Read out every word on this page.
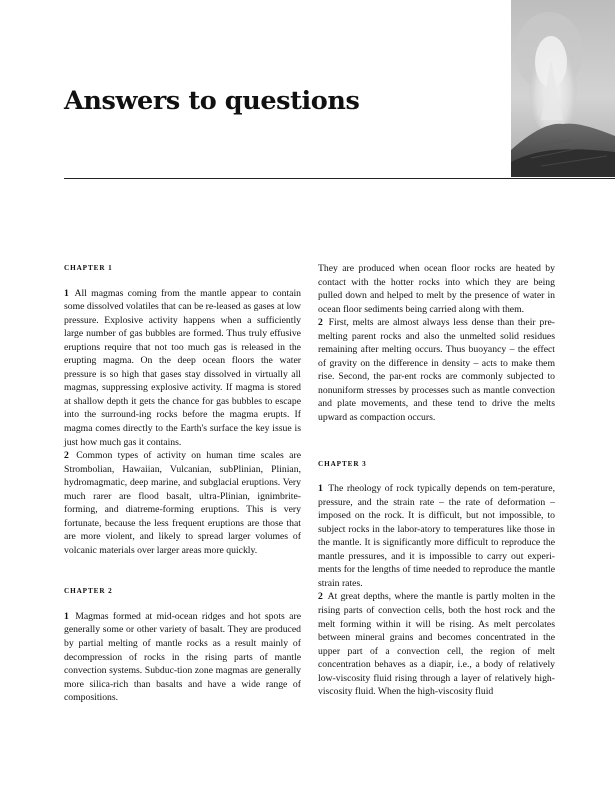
Answers to questions
CHAPTER 1

1 All magmas coming from the mantle appear to contain some dissolved volatiles that can be re-leased as gases at low pressure. Explosive activity happens when a sufficiently large number of gas bubbles are formed. Thus truly effusive eruptions require that not too much gas is released in the erupting magma. On the deep ocean floors the water pressure is so high that gases stay dissolved in virtually all magmas, suppressing explosive activity. If magma is stored at shallow depth it gets the chance for gas bubbles to escape into the surround-ing rocks before the magma erupts. If magma comes directly to the Earth's surface the key issue is just how much gas it contains.

2 Common types of activity on human time scales are Strombolian, Hawaiian, Vulcanian, subPlinian, Plinian, hydromagmatic, deep marine, and subglacial eruptions. Very much rarer are flood basalt, ultra-Plinian, ignimbrite-forming, and diatreme-forming eruptions. This is very fortunate, because the less frequent eruptions are those that are more violent, and likely to spread larger volumes of volcanic materials over larger areas more quickly.

CHAPTER 2

1 Magmas formed at mid-ocean ridges and hot spots are generally some or other variety of basalt. They are produced by partial melting of mantle rocks as a result mainly of decompression of rocks in the rising parts of mantle convection systems. Subduc-tion zone magmas are generally more silica-rich than basalts and have a wide range of compositions.

They are produced when ocean floor rocks are heated by contact with the hotter rocks into which they are being pulled down and helped to melt by the presence of water in ocean floor sediments being carried along with them.

2 First, melts are almost always less dense than their pre-melting parent rocks and also the unmelted solid residues remaining after melting occurs. Thus buoyancy – the effect of gravity on the difference in density – acts to make them rise. Second, the par-ent rocks are commonly subjected to nonuniform stresses by processes such as mantle convection and plate movements, and these tend to drive the melts upward as compaction occurs.

CHAPTER 3

1 The rheology of rock typically depends on tem-perature, pressure, and the strain rate – the rate of deformation – imposed on the rock. It is difficult, but not impossible, to subject rocks in the labor-atory to temperatures like those in the mantle. It is significantly more difficult to reproduce the mantle pressures, and it is impossible to carry out experi-ments for the lengths of time needed to reproduce the mantle strain rates.

2 At great depths, where the mantle is partly molten in the rising parts of convection cells, both the host rock and the melt forming within it will be rising. As melt percolates between mineral grains and becomes concentrated in the upper part of a convection cell, the region of melt concentration behaves as a diapir, i.e., a body of relatively low-viscosity fluid rising through a layer of relatively high-viscosity fluid. When the high-viscosity fluid
